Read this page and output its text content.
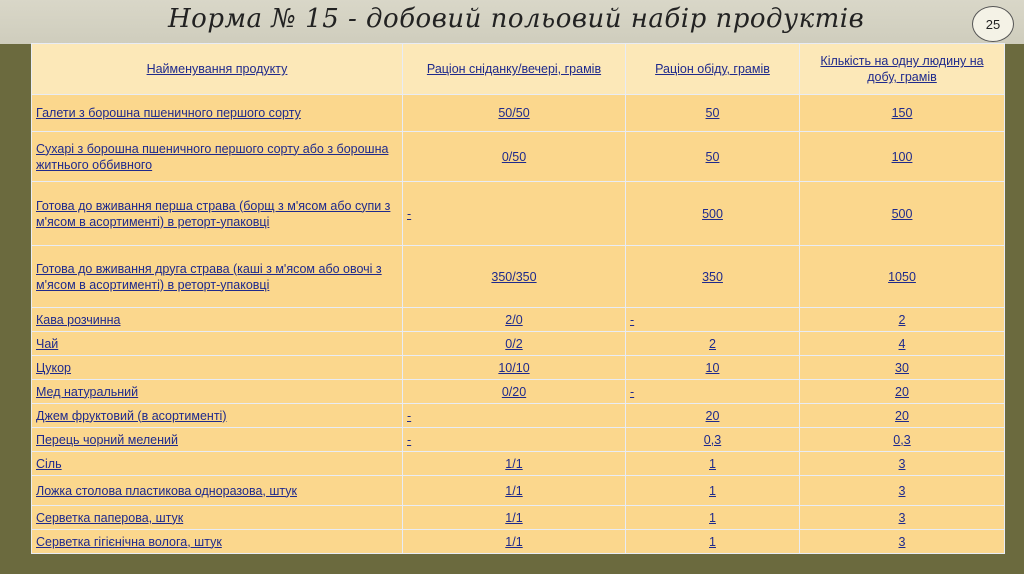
Норма № 15 - добовий польовий набір продуктів	25
Найменування продукту	Раціон сніданку/вечері, грамів	Раціон обіду, грамів	Кількість на одну людину на добу, грамів
Галети з борошна пшеничного першого сорту	50/50	50	150
Сухарі з борошна пшеничного першого сорту або з борошна житнього оббивного	0/50	50	100
Готова до вживання перша страва (борщ з м'ясом або супи з м'ясом в асортименті) в реторт-упаковці	-	500	500
Готова до вживання друга страва (каші з м'ясом або овочі з м'ясом в асортименті) в реторт-упаковці	350/350	350	1050
Кава розчинна	2/0	-	2
Чай	0/2	2	4
Цукор	10/10	10	30
Мед натуральний	0/20	-	20
Джем фруктовий (в асортименті)	-	20	20
Перець чорний мелений	-	0,3	0,3
Сіль	1/1	1	3
Ложка столова пластикова одноразова, штук	1/1	1	3
Серветка паперова, штук	1/1	1	3
Серветка гігієнічна волога, штук	1/1	1	3
